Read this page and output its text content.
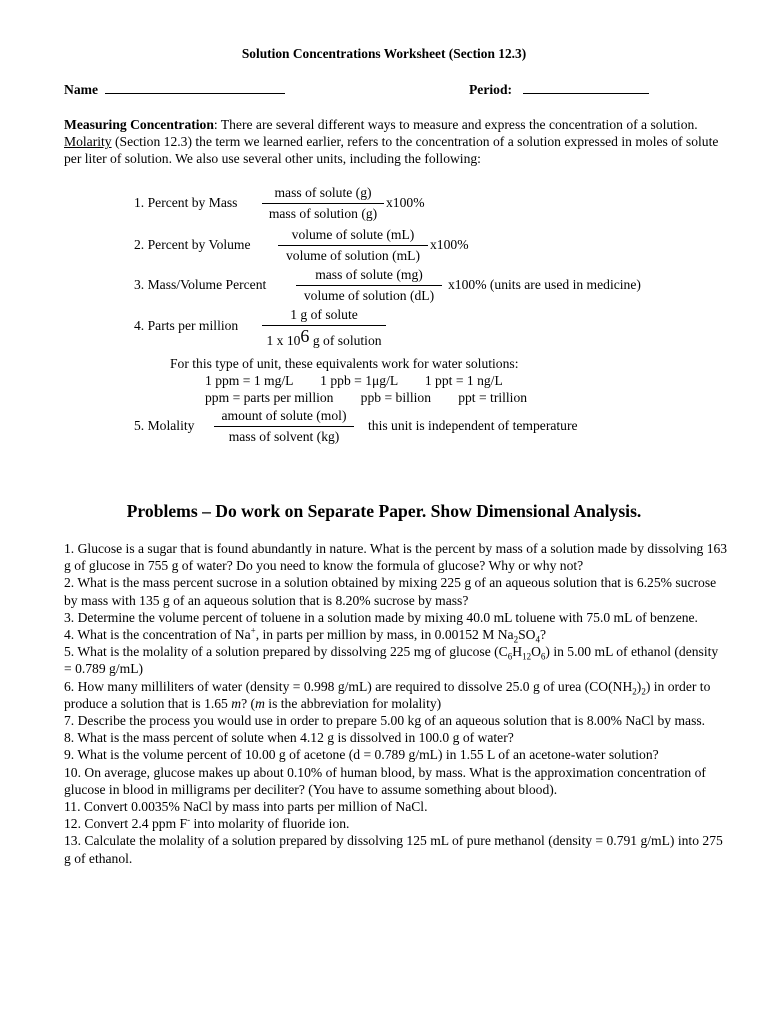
Solution Concentrations Worksheet (Section 12.3)
Name	Period:
Measuring Concentration: There are several different ways to measure and express the concentration of a solution. Molarity (Section 12.3) the term we learned earlier, refers to the concentration of a solution expressed in moles of solute per liter of solution. We also use several other units, including the following:
1. Percent by Mass
mass of solute (g)
mass of solution (g)
x100%
2. Percent by Volume
volume of solute (mL)
volume of solution (mL)
x100%
3. Mass/Volume Percent
mass of solute (mg)
volume of solution (dL)
x100% (units are used in medicine)
4. Parts per million
1 g of solute
1 x 106 g of solution
For this type of unit, these equivalents work for water solutions:
1 ppm = 1 mg/L        1 ppb = 1μg/L        1 ppt = 1 ng/L
ppm = parts per million        ppb = billion        ppt = trillion
5. Molality
amount of solute (mol)
mass of solvent (kg)
this unit is independent of temperature
Problems – Do work on Separate Paper. Show Dimensional Analysis.

1. Glucose is a sugar that is found abundantly in nature. What is the percent by mass of a solution made by dissolving 163 g of glucose in 755 g of water? Do you need to know the formula of glucose? Why or why not?

2. What is the mass percent sucrose in a solution obtained by mixing 225 g of an aqueous solution that is 6.25% sucrose by mass with 135 g of an aqueous solution that is 8.20% sucrose by mass?

3. Determine the volume percent of toluene in a solution made by mixing 40.0 mL toluene with 75.0 mL of benzene.

4. What is the concentration of Na+, in parts per million by mass, in 0.00152 M $Na_2SO_4$?

5. What is the molality of a solution prepared by dissolving 225 mg of glucose $(C_6H_{12}O_6)$ in 5.00 mL of ethanol (density = 0.789 g/mL)

6. How many milliliters of water (density = 0.998 g/mL) are required to dissolve 25.0 g of urea $(CO(NH_2)_2)$ in order to produce a solution that is 1.65 m? (m is the abbreviation for molality)

7. Describe the process you would use in order to prepare 5.00 kg of an aqueous solution that is 8.00% NaCl by mass.

8. What is the mass percent of solute when 4.12 g is dissolved in 100.0 g of water?

9. What is the volume percent of 10.00 g of acetone (d = 0.789 g/mL) in 1.55 L of an acetone-water solution?

10. On average, glucose makes up about 0.10% of human blood, by mass. What is the approximation concentration of glucose in blood in milligrams per deciliter? (You have to assume something about blood).

11. Convert 0.0035% NaCl by mass into parts per million of NaCl.

12. Convert 2.4 ppm F- into molarity of fluoride ion.

13. Calculate the molality of a solution prepared by dissolving 125 mL of pure methanol (density = 0.791 g/mL) into 275 g of ethanol.
